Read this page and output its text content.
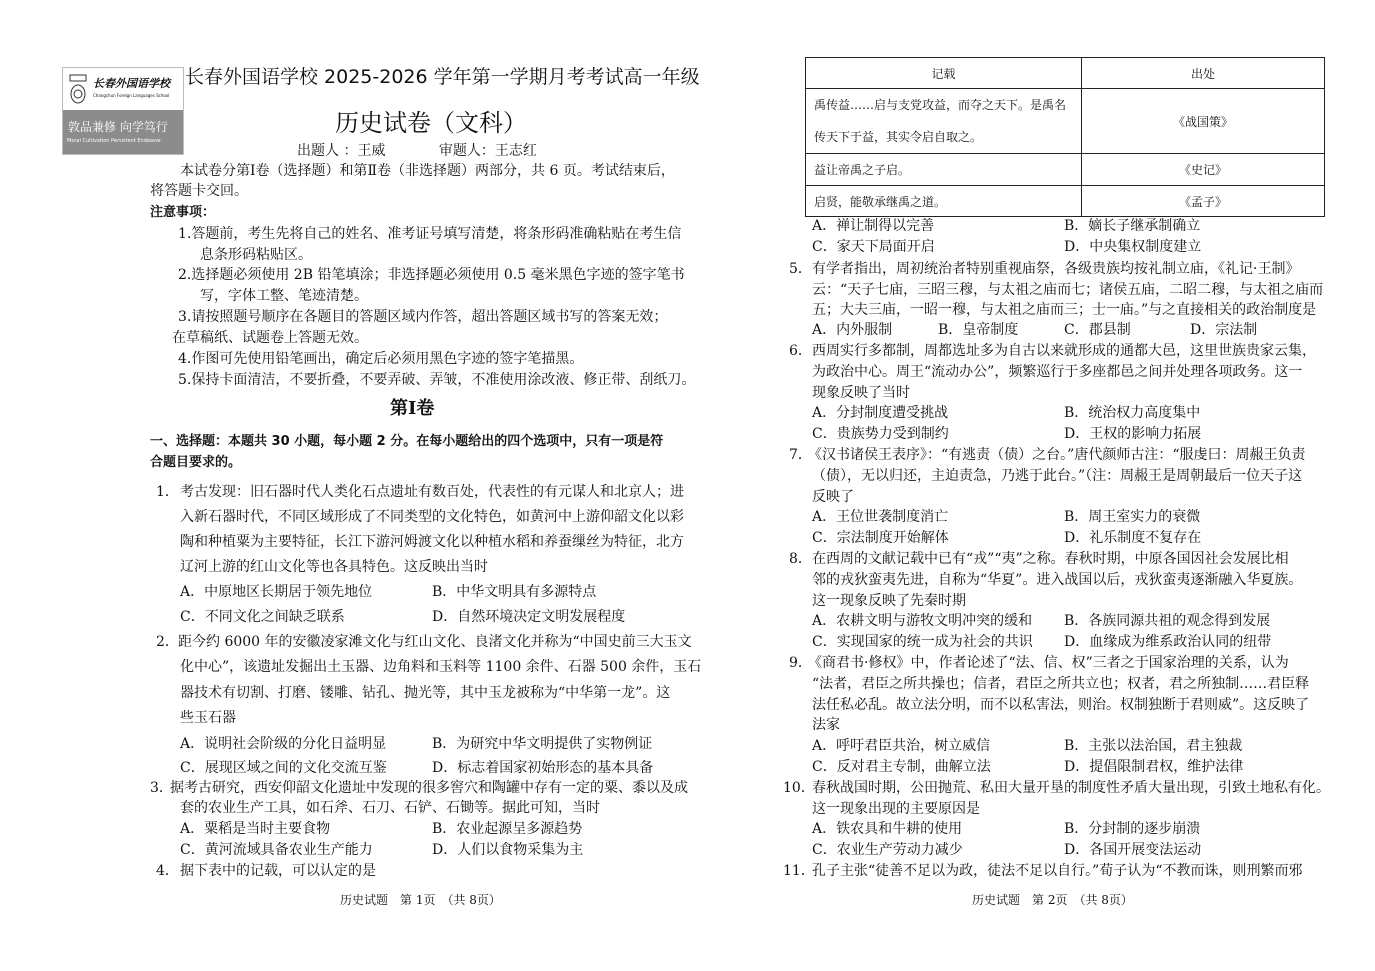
长春外国语学校
Changchun Foreign Languages School
敦品兼修 向学笃行
Moral Cultivation Persistent Endeavor
长春外国语学校 2025-2026 学年第一学期月考考试高一年级
历史试卷（文科）
出题人 ：王威            审题人：王志红
本试卷分第Ⅰ卷（选择题）和第Ⅱ卷（非选择题）两部分，共 6 页。考试结束后，
将答题卡交回。
注意事项：
1.答题前，考生先将自己的姓名、准考证号填写清楚，将条形码准确粘贴在考生信
息条形码粘贴区。
2.选择题必须使用 2B 铅笔填涂；非选择题必须使用 0.5 毫米黑色字迹的签字笔书
写，字体工整、笔迹清楚。
3.请按照题号顺序在各题目的答题区域内作答，超出答题区域书写的答案无效；
在草稿纸、试题卷上答题无效。
4.作图可先使用铅笔画出，确定后必须用黑色字迹的签字笔描黑。
5.保持卡面清洁，不要折叠，不要弄破、弄皱，不准使用涂改液、修正带、刮纸刀。
第Ⅰ卷
一、选择题：本题共 30 小题，每小题 2 分。在每小题给出的四个选项中，只有一项是符
合题目要求的。
1． 考古发现：旧石器时代人类化石点遗址有数百处，代表性的有元谋人和北京人；进
入新石器时代，不同区域形成了不同类型的文化特色，如黄河中上游仰韶文化以彩
陶和种植粟为主要特征，长江下游河姆渡文化以种植水稻和养蚕缫丝为特征，北方
辽河上游的红山文化等也各具特色。这反映出当时
A．中原地区长期居于领先地位	B．中华文明具有多源特点
C．不同文化之间缺乏联系	D．自然环境决定文明发展程度
2． 距今约 6000 年的安徽凌家滩文化与红山文化、良渚文化并称为“中国史前三大玉文
化中心”，该遗址发掘出土玉器、边角料和玉料等 1100 余件、石器 500 余件，玉石
器技术有切割、打磨、镂雕、钻孔、抛光等，其中玉龙被称为“中华第一龙”。这
些玉石器
A．说明社会阶级的分化日益明显	B．为研究中华文明提供了实物例证
C．展现区域之间的文化交流互鉴	D．标志着国家初始形态的基本具备
3．
据考古研究，西安仰韶文化遗址中发现的很多窖穴和陶罐中存有一定的粟、黍以及成
套的农业生产工具，如石斧、石刀、石铲、石锄等。据此可知，当时
A．粟稻是当时主要食物	B．农业起源呈多源趋势
C．黄河流域具备农业生产能力	D．人们以食物采集为主
4． 据下表中的记载，可以认定的是
历史试题　第 1页　（共 8页）
记载	出处
禹传益……启与支党攻益，而夺之天下。是禹名传天下于益，其实令启自取之。	《战国策》
益让帝禹之子启。	《史记》
启贤，能敬承继禹之道。	《孟子》
A．禅让制得以完善	B．嫡长子继承制确立
C．家天下局面开启	D．中央集权制度建立
5． 有学者指出，周初统治者特别重视庙祭，各级贵族均按礼制立庙，《礼记·王制》
云：“天子七庙，三昭三穆，与太祖之庙而七；诸侯五庙，二昭二穆，与太祖之庙而
五；大夫三庙，一昭一穆，与太祖之庙而三；士一庙。”与之直接相关的政治制度是
A．内外服制	B．皇帝制度	C．郡县制	D．宗法制
6． 西周实行多都制，周都选址多为自古以来就形成的通都大邑，这里世族贵家云集，
为政治中心。周王“流动办公”，频繁巡行于多座都邑之间并处理各项政务。这一
现象反映了当时
A．分封制度遭受挑战	B．统治权力高度集中
C．贵族势力受到制约	D．王权的影响力拓展
7．
《汉书诸侯王表序》：“有逃责（债）之台。”唐代颜师古注：“服虔曰：周赧王负责
（债），无以归还，主迫责急，乃逃于此台。”（注：周赧王是周朝最后一位天子这
反映了
A．王位世袭制度消亡	B．周王室实力的衰微
C．宗法制度开始解体	D．礼乐制度不复存在
8． 在西周的文献记载中已有“戎”“夷”之称。春秋时期，中原各国因社会发展比相
邻的戎狄蛮夷先进，自称为“华夏”。进入战国以后，戎狄蛮夷逐渐融入华夏族。
这一现象反映了先秦时期
A．农耕文明与游牧文明冲突的缓和 B．各族同源共祖的观念得到发展
C．实现国家的统一成为社会的共识 D．血缘成为维系政治认同的纽带
9．
《商君书·修权》中，作者论述了“法、信、权”三者之于国家治理的关系，认为
“法者，君臣之所共操也；信者，君臣之所共立也；权者，君之所独制……君臣释
法任私必乱。故立法分明，而不以私害法，则治。权制独断于君则威”。这反映了
法家
A．呼吁君臣共治，树立威信	B．主张以法治国，君主独裁
C．反对君主专制，曲解立法	D．提倡限制君权，维护法律
10．
春秋战国时期，公田抛荒、私田大量开垦的制度性矛盾大量出现，引致土地私有化。
这一现象出现的主要原因是
A．铁农具和牛耕的使用	B．分封制的逐步崩溃
C．农业生产劳动力减少	D．各国开展变法运动
11．
孔子主张“徒善不足以为政，徒法不足以自行。”荀子认为“不教而诛，则刑繁而邪
历史试题　第 2页　（共 8页）
